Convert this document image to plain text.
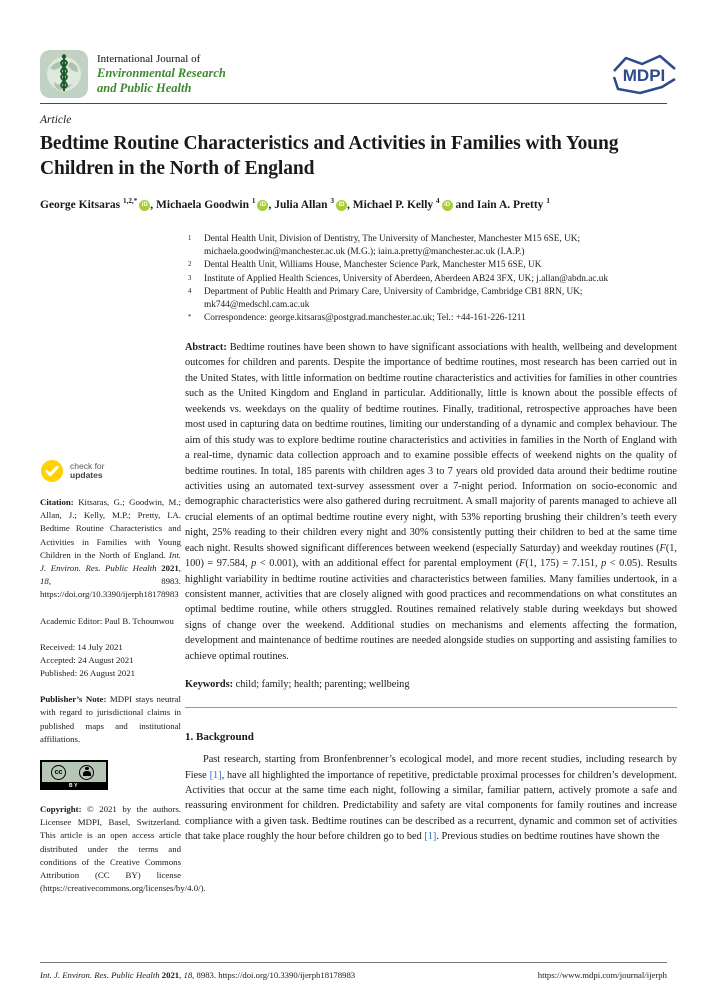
International Journal of
Environmental Research
and Public Health
MDPI
Article
Bedtime Routine Characteristics and Activities in Families with Young Children in the North of England
George Kitsaras $^{1,2,*}$ iD , Michaela Goodwin $^1$ iD , Julia Allan $^3$ iD , Michael P. Kelly $^4$ iD and Iain A. Pretty $^1$
1	Dental Health Unit, Division of Dentistry, The University of Manchester, Manchester M15 6SE, UK; michaela.goodwin@manchester.ac.uk (M.G.); iain.a.pretty@manchester.ac.uk (I.A.P.)
2	Dental Health Unit, Williams House, Manchester Science Park, Manchester M15 6SE, UK
3	Institute of Applied Health Sciences, University of Aberdeen, Aberdeen AB24 3FX, UK; j.allan@abdn.ac.uk
4	Department of Public Health and Primary Care, University of Cambridge, Cambridge CB1 8RN, UK; mk744@medschl.cam.ac.uk
*	Correspondence: george.kitsaras@postgrad.manchester.ac.uk; Tel.: +44-161-226-1211
Abstract: Bedtime routines have been shown to have significant associations with health, wellbeing and development outcomes for children and parents. Despite the importance of bedtime routines, most research has been carried out in the United States, with little information on bedtime routine characteristics and activities for families in other countries such as the United Kingdom and England in particular. Additionally, little is known about the possible effects of weekends vs. weekdays on the quality of bedtime routines. Finally, traditional, retrospective approaches have been most used in capturing data on bedtime routines, limiting our understanding of a dynamic and complex behaviour. The aim of this study was to explore bedtime routine characteristics and activities in families in the North of England with a real-time, dynamic data collection approach and to examine possible effects of weekend nights on the quality of bedtime routines. In total, 185 parents with children ages 3 to 7 years old provided data around their bedtime routine activities using an automated text-survey assessment over a 7-night period. Information on socio-economic and demographic characteristics were also gathered during recruitment. A small majority of parents managed to achieve all crucial elements of an optimal bedtime routine every night, with 53% reporting brushing their children’s teeth every night, 25% reading to their children every night and 30% consistently putting their children to bed at the same time each night. Results showed significant differences between weekend (especially Saturday) and weekday routines (F(1, 100) = 97.584, p < 0.001), with an additional effect for parental employment (F(1, 175) = 7.151, p < 0.05). Results highlight variability in bedtime routine activities and characteristics between families. Many families undertook, in a consistent manner, activities that are closely aligned with good practices and recommendations on what constitutes an optimal bedtime routine, while others struggled. Routines remained relatively stable during weekdays but showed signs of change over the weekend. Additional studies on mechanisms and elements affecting the formation, development and maintenance of bedtime routines are needed alongside studies on supporting and assisting families to achieve optimal routines.
Keywords: child; family; health; parenting; wellbeing
1. Background
Past research, starting from Bronfenbrenner’s ecological model, and more recent studies, including research by Fiese [1], have all highlighted the importance of repetitive, predictable proximal processes for children’s development. Activities that occur at the same time each night, following a similar, familiar pattern, actively promote a safe and reassuring environment for children. Predictability and safety are vital components for family routines and increase compliance with a given task. Bedtime routines can be described as a recurrent, dynamic and common set of activities that take place roughly the hour before children go to bed [1]. Previous studies on bedtime routines have shown the
check for
updates
Citation: Kitsaras, G.; Goodwin, M.; Allan, J.; Kelly, M.P.; Pretty, I.A. Bedtime Routine Characteristics and Activities in Families with Young Children in the North of England. Int. J. Environ. Res. Public Health 2021, 18, 8983. https://doi.org/10.3390/ijerph18178983
Academic Editor: Paul B. Tchounwou
Received: 14 July 2021
Accepted: 24 August 2021
Published: 26 August 2021
Publisher’s Note: MDPI stays neutral with regard to jurisdictional claims in published maps and institutional affiliations.
cc
BY
Copyright: © 2021 by the authors. Licensee MDPI, Basel, Switzerland. This article is an open access article distributed under the terms and conditions of the Creative Commons Attribution (CC BY) license (https://creativecommons.org/licenses/by/4.0/).
Int. J. Environ. Res. Public Health 2021, 18, 8983. https://doi.org/10.3390/ijerph18178983	https://www.mdpi.com/journal/ijerph
